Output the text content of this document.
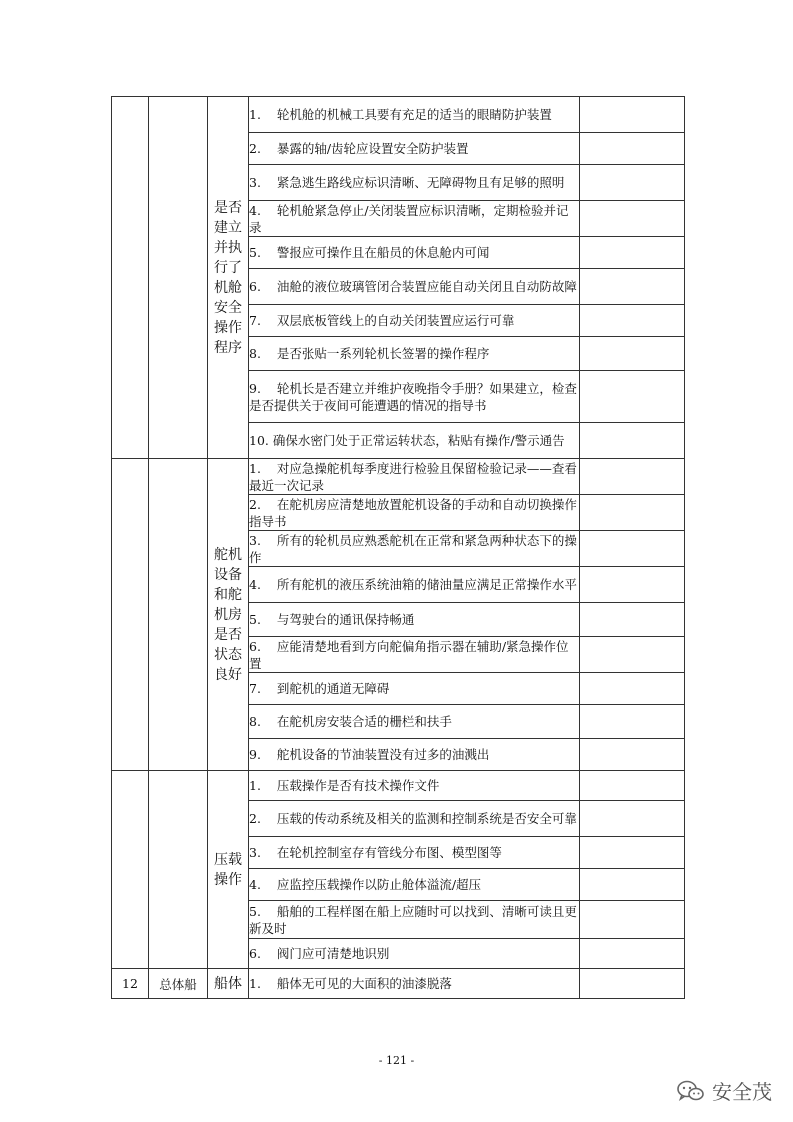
		是否建立并执行了机舱安全操作程序	1.    轮机舱的机械工具要有充足的适当的眼睛防护装置	
			2.    暴露的轴/齿轮应设置安全防护装置	
			3.    紧急逃生路线应标识清晰、无障碍物且有足够的照明	
			4.    轮机舱紧急停止/关闭装置应标识清晰，定期检验并记录	
			5.    警报应可操作且在船员的休息舱内可闻	
			6.    油舱的液位玻璃管闭合装置应能自动关闭且自动防故障	
			7.    双层底板管线上的自动关闭装置应运行可靠	
			8.    是否张贴一系列轮机长签署的操作程序	
			9.    轮机长是否建立并维护夜晚指令手册？如果建立，检查是否提供关于夜间可能遭遇的情况的指导书	
			10. 确保水密门处于正常运转状态，粘贴有操作/警示通告	
		舵机设备和舵机房是否状态良好	1.    对应急操舵机每季度进行检验且保留检验记录——查看最近一次记录	
			2.    在舵机房应清楚地放置舵机设备的手动和自动切换操作指导书	
			3.    所有的轮机员应熟悉舵机在正常和紧急两种状态下的操作	
			4.    所有舵机的液压系统油箱的储油量应满足正常操作水平	
			5.    与驾驶台的通讯保持畅通	
			6.    应能清楚地看到方向舵偏角指示器在辅助/紧急操作位置	
			7.    到舵机的通道无障碍	
			8.    在舵机房安装合适的栅栏和扶手	
			9.    舵机设备的节油装置没有过多的油溅出	
		压载操作	1.    压载操作是否有技术操作文件	
			2.    压载的传动系统及相关的监测和控制系统是否安全可靠	
			3.    在轮机控制室存有管线分布图、模型图等	
			4.    应监控压载操作以防止舱体溢流/超压	
			5.    船舶的工程样图在船上应随时可以找到、清晰可读且更新及时	
			6.    阀门应可清楚地识别	
12	总体船	船体	1.    船体无可见的大面积的油漆脱落	
- 121 -
安全茂
